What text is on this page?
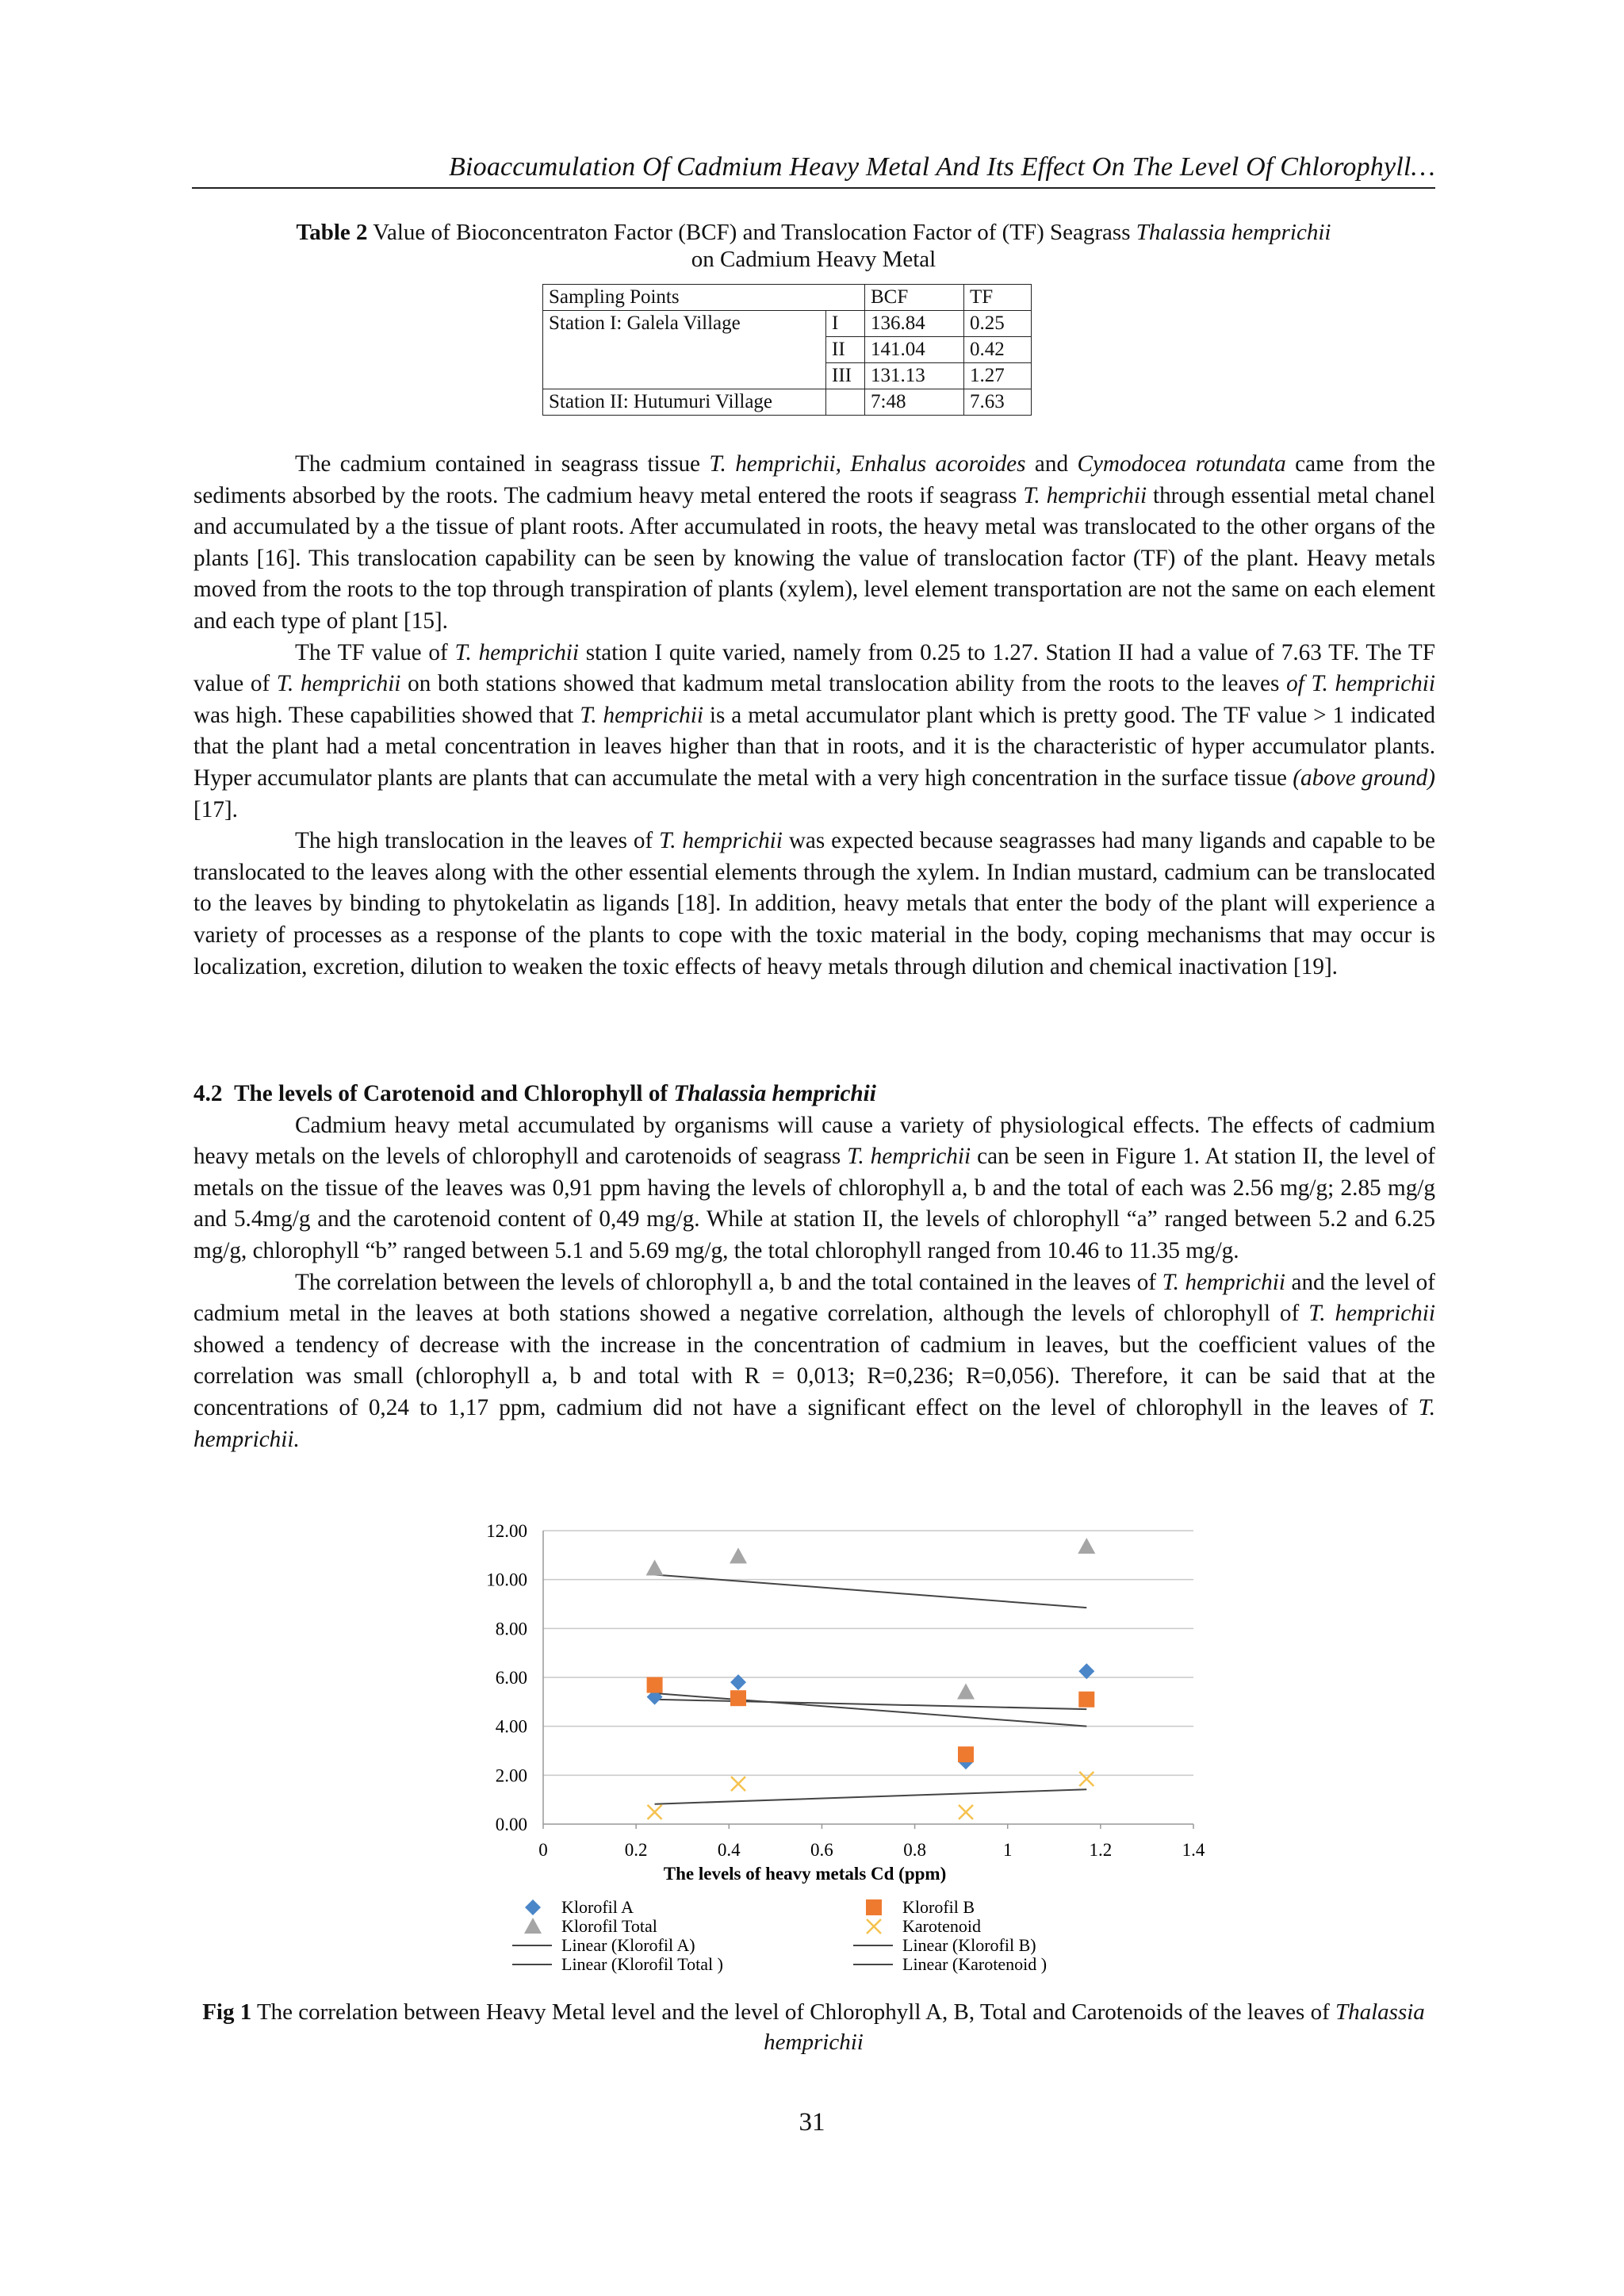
Bioaccumulation Of Cadmium Heavy Metal And Its Effect On The Level Of Chlorophyll…
Table 2 Value of Bioconcentraton Factor (BCF) and Translocation Factor of (TF) Seagrass Thalassia hemprichii
on Cadmium Heavy Metal
Sampling Points		BCF	TF
Station I: Galela Village	I	136.84	0.25
	II	141.04	0.42
	III	131.13	1.27
Station II: Hutumuri Village		7:48	7.63

The cadmium contained in seagrass tissue T. hemprichii, Enhalus acoroides and Cymodocea rotundata came from the sediments absorbed by the roots. The cadmium heavy metal entered the roots if seagrass T. hemprichii through essential metal chanel and accumulated by a the tissue of plant roots. After accumulated in roots, the heavy metal was translocated to the other organs of the plants [16]. This translocation capability can be seen by knowing the value of translocation factor (TF) of the plant. Heavy metals moved from the roots to the top through transpiration of plants (xylem), level element transportation are not the same on each element and each type of plant [15].

The TF value of T. hemprichii station I quite varied, namely from 0.25 to 1.27. Station II had a value of 7.63 TF. The TF value of T. hemprichii on both stations showed that kadmum metal translocation ability from the roots to the leaves of T. hemprichii was high. These capabilities showed that T. hemprichii is a metal accumulator plant which is pretty good. The TF value > 1 indicated that the plant had a metal concentration in leaves higher than that in roots, and it is the characteristic of hyper accumulator plants. Hyper accumulator plants are plants that can accumulate the metal with a very high concentration in the surface tissue (above ground) [17].

The high translocation in the leaves of T. hemprichii was expected because seagrasses had many ligands and capable to be translocated to the leaves along with the other essential elements through the xylem. In Indian mustard, cadmium can be translocated to the leaves by binding to phytokelatin as ligands [18]. In addition, heavy metals that enter the body of the plant will experience a variety of processes as a response of the plants to cope with the toxic material in the body, coping mechanisms that may occur is localization, excretion, dilution to weaken the toxic effects of heavy metals through dilution and chemical inactivation [19].

4.2 The levels of Carotenoid and Chlorophyll of Thalassia hemprichii

Cadmium heavy metal accumulated by organisms will cause a variety of physiological effects. The effects of cadmium heavy metals on the levels of chlorophyll and carotenoids of seagrass T. hemprichii can be seen in Figure 1. At station II, the level of metals on the tissue of the leaves was 0,91 ppm having the levels of chlorophyll a, b and the total of each was 2.56 mg/g; 2.85 mg/g and 5.4mg/g and the carotenoid content of 0,49 mg/g. While at station II, the levels of chlorophyll “a” ranged between 5.2 and 6.25 mg/g, chlorophyll “b” ranged between 5.1 and 5.69 mg/g, the total chlorophyll ranged from 10.46 to 11.35 mg/g.

The correlation between the levels of chlorophyll a, b and the total contained in the leaves of T. hemprichii and the level of cadmium metal in the leaves at both stations showed a negative correlation, although the levels of chlorophyll of T. hemprichii showed a tendency of decrease with the increase in the concentration of cadmium in leaves, but the coefficient values of the correlation was small (chlorophyll a, b and total with R = 0,013; R=0,236; R=0,056). Therefore, it can be said that at the concentrations of 0,24 to 1,17 ppm, cadmium did not have a significant effect on the level of chlorophyll in the leaves of T. hemprichii.

0.00
2.00
4.00
6.00
8.00
10.00
12.00
0	0.2	0.4	0.6	0.8	1	1.2	1.4
The levels of heavy metals Cd (ppm)
Klorofil A	Klorofil B
Klorofil Total	Karotenoid
Linear (Klorofil A)	Linear (Klorofil B)
Linear (Klorofil Total )	Linear (Karotenoid )
Fig 1 The correlation between Heavy Metal level and the level of Chlorophyll A, B, Total and Carotenoids of the leaves of Thalassia hemprichii
31
